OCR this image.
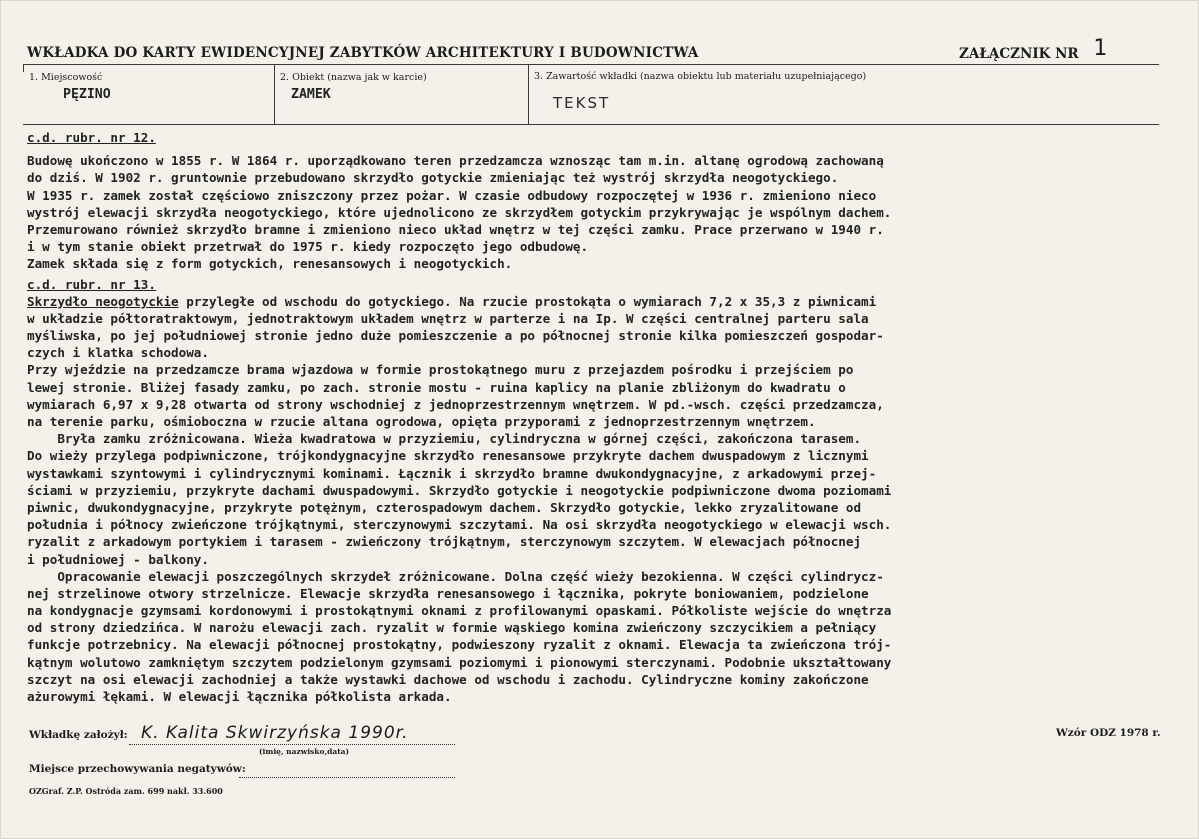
WKŁADKA DO KARTY EWIDENCYJNEJ ZABYTKÓW ARCHITEKTURY I BUDOWNICTWA	ZAŁĄCZNIK NR 1
1. Miejscowość
PĘZINO
2. Obiekt (nazwa jak w karcie)
ZAMEK
3. Zawartość wkładki (nazwa obiektu lub materiału uzupełniającego)
TEKST
c.d. rubr. nr 12.
Budowę ukończono w 1855 r. W 1864 r. uporządkowano teren przedzamcza wznosząc tam m.in. altanę ogrodową zachowaną
do dziś. W 1902 r. gruntownie przebudowano skrzydło gotyckie zmieniając też wystrój skrzydła neogotyckiego.
W 1935 r. zamek został częściowo zniszczony przez pożar. W czasie odbudowy rozpoczętej w 1936 r. zmieniono nieco
wystrój elewacji skrzydła neogotyckiego, które ujednolicono ze skrzydłem gotyckim przykrywając je wspólnym dachem.
Przemurowano również skrzydło bramne i zmieniono nieco układ wnętrz w tej części zamku. Prace przerwano w 1940 r.
i w tym stanie obiekt przetrwał do 1975 r. kiedy rozpoczęto jego odbudowę.
Zamek składa się z form gotyckich, renesansowych i neogotyckich.
c.d. rubr. nr 13.
Skrzydło neogotyckie przyległe od wschodu do gotyckiego. Na rzucie prostokąta o wymiarach 7,2 x 35,3 z piwnicami
w układzie półtoratraktowym, jednotraktowym układem wnętrz w parterze i na Ip. W części centralnej parteru sala
myśliwska, po jej południowej stronie jedno duże pomieszczenie a po północnej stronie kilka pomieszczeń gospodar-
czych i klatka schodowa.
Przy wjeździe na przedzamcze brama wjazdowa w formie prostokątnego muru z przejazdem pośrodku i przejściem po
lewej stronie. Bliżej fasady zamku, po zach. stronie mostu - ruina kaplicy na planie zbliżonym do kwadratu o
wymiarach 6,97 x 9,28 otwarta od strony wschodniej z jednoprzestrzennym wnętrzem. W pd.-wsch. części przedzamcza,
na terenie parku, ośmioboczna w rzucie altana ogrodowa, opięta przyporami z jednoprzestrzennym wnętrzem.
Bryła zamku zróżnicowana. Wieża kwadratowa w przyziemiu, cylindryczna w górnej części, zakończona tarasem.
Do wieży przylega podpiwniczone, trójkondygnacyjne skrzydło renesansowe przykryte dachem dwuspadowym z licznymi
wystawkami szyntowymi i cylindrycznymi kominami. Łącznik i skrzydło bramne dwukondygnacyjne, z arkadowymi przej-
ściami w przyziemiu, przykryte dachami dwuspadowymi. Skrzydło gotyckie i neogotyckie podpiwniczone dwoma poziomami
piwnic, dwukondygnacyjne, przykryte potężnym, czterospadowym dachem. Skrzydło gotyckie, lekko zryzalitowane od
południa i północy zwieńczone trójkątnymi, sterczynowymi szczytami. Na osi skrzydła neogotyckiego w elewacji wsch.
ryzalit z arkadowym portykiem i tarasem - zwieńczony trójkątnym, sterczynowym szczytem. W elewacjach północnej
i południowej - balkony.
Opracowanie elewacji poszczególnych skrzydeł zróżnicowane. Dolna część wieży bezokienna. W części cylindrycz-
nej strzelinowe otwory strzelnicze. Elewacje skrzydła renesansowego i łącznika, pokryte boniowaniem, podzielone
na kondygnacje gzymsami kordonowymi i prostokątnymi oknami z profilowanymi opaskami. Półkoliste wejście do wnętrza
od strony dziedzińca. W narożu elewacji zach. ryzalit w formie wąskiego komina zwieńczony szczycikiem a pełniący
funkcje potrzebnicy. Na elewacji północnej prostokątny, podwieszony ryzalit z oknami. Elewacja ta zwieńczona trój-
kątnym wolutowo zamkniętym szczytem podzielonym gzymsami poziomymi i pionowymi sterczynami. Podobnie ukształtowany
szczyt na osi elewacji zachodniej a także wystawki dachowe od wschodu i zachodu. Cylindryczne kominy zakończone
ażurowymi łękami. W elewacji łącznika półkolista arkada.
Wkładkę założył: K. Kalita Skwirzyńska 1990r.
(imię, nazwisko,data)
Wzór ODZ 1978 r.
Miejsce przechowywania negatywów:
OZGraf. Z.P. Ostróda zam. 699 nakł. 33.600
